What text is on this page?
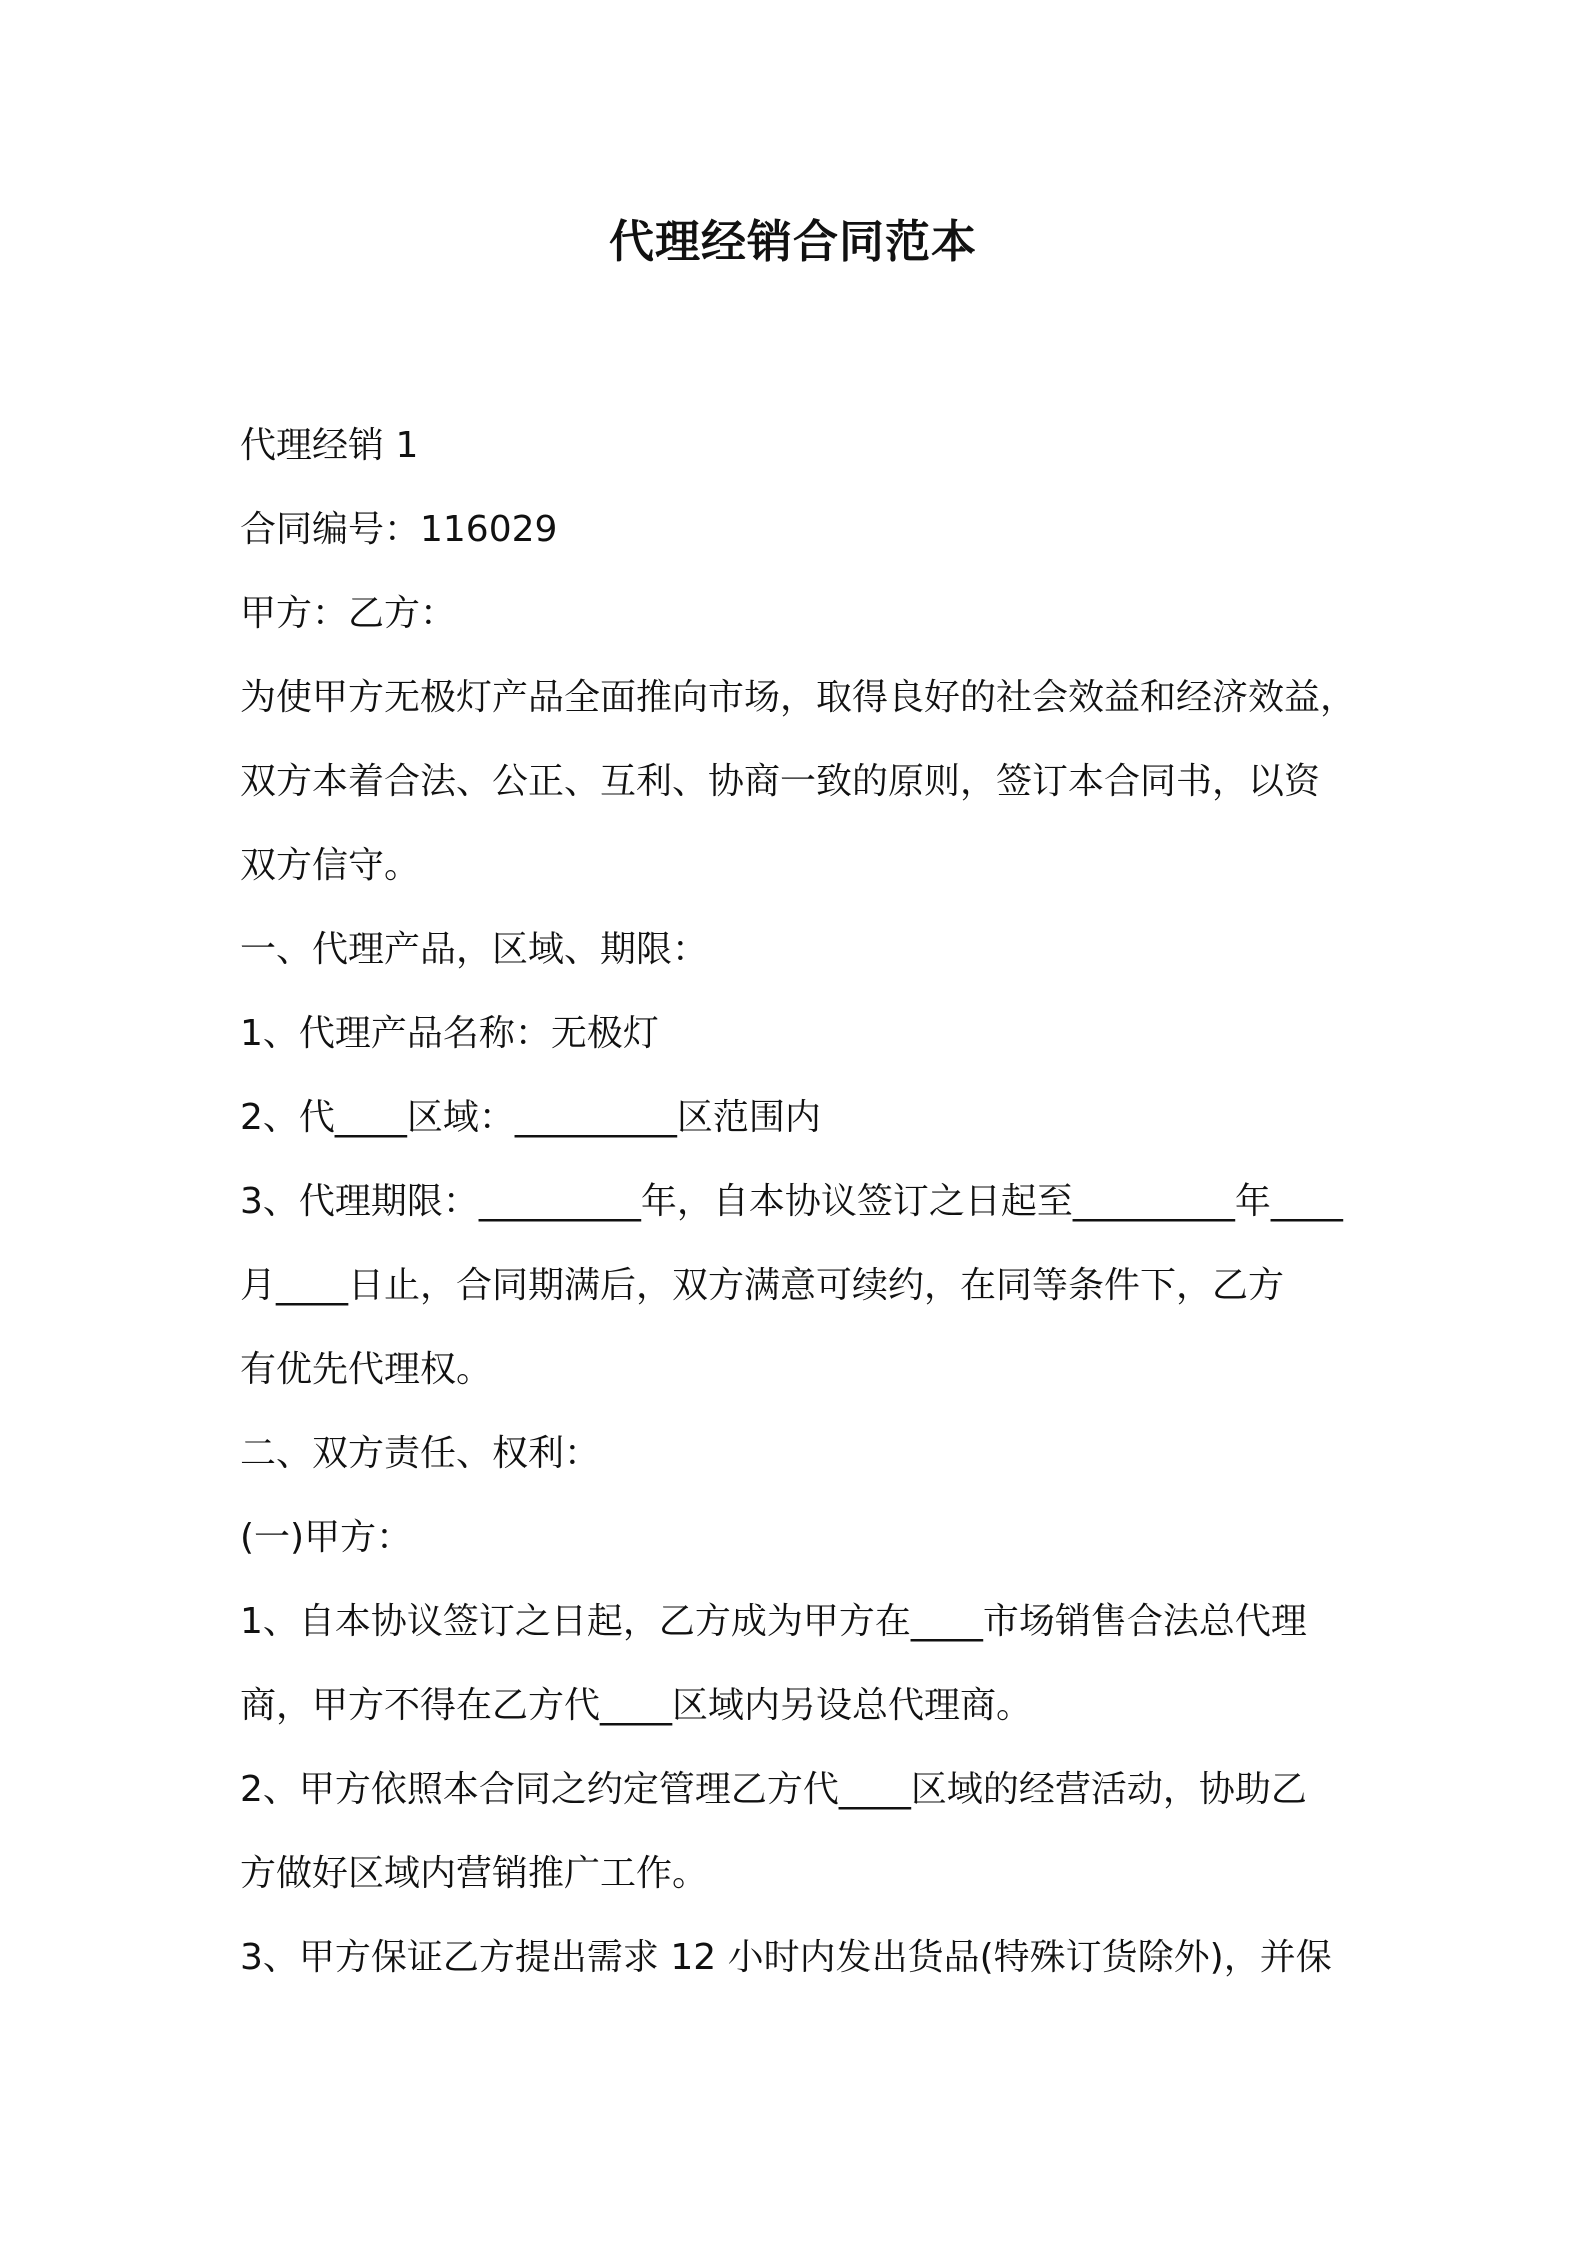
代理经销合同范本
代理经销 1
合同编号：116029
甲方：乙方：
为使甲方无极灯产品全面推向市场，取得良好的社会效益和经济效益，
双方本着合法、公正、互利、协商一致的原则，签订本合同书，以资
双方信守。
一、代理产品，区域、期限：
1、代理产品名称：无极灯
2、代____区域：_________区范围内
3、代理期限：_________年，自本协议签订之日起至_________年____
月____日止，合同期满后，双方满意可续约，在同等条件下，乙方
有优先代理权。
二、双方责任、权利：
(一)甲方：
1、自本协议签订之日起，乙方成为甲方在____市场销售合法总代理
商，甲方不得在乙方代____区域内另设总代理商。
2、甲方依照本合同之约定管理乙方代____区域的经营活动，协助乙
方做好区域内营销推广工作。
3、甲方保证乙方提出需求 12 小时内发出货品(特殊订货除外)，并保
